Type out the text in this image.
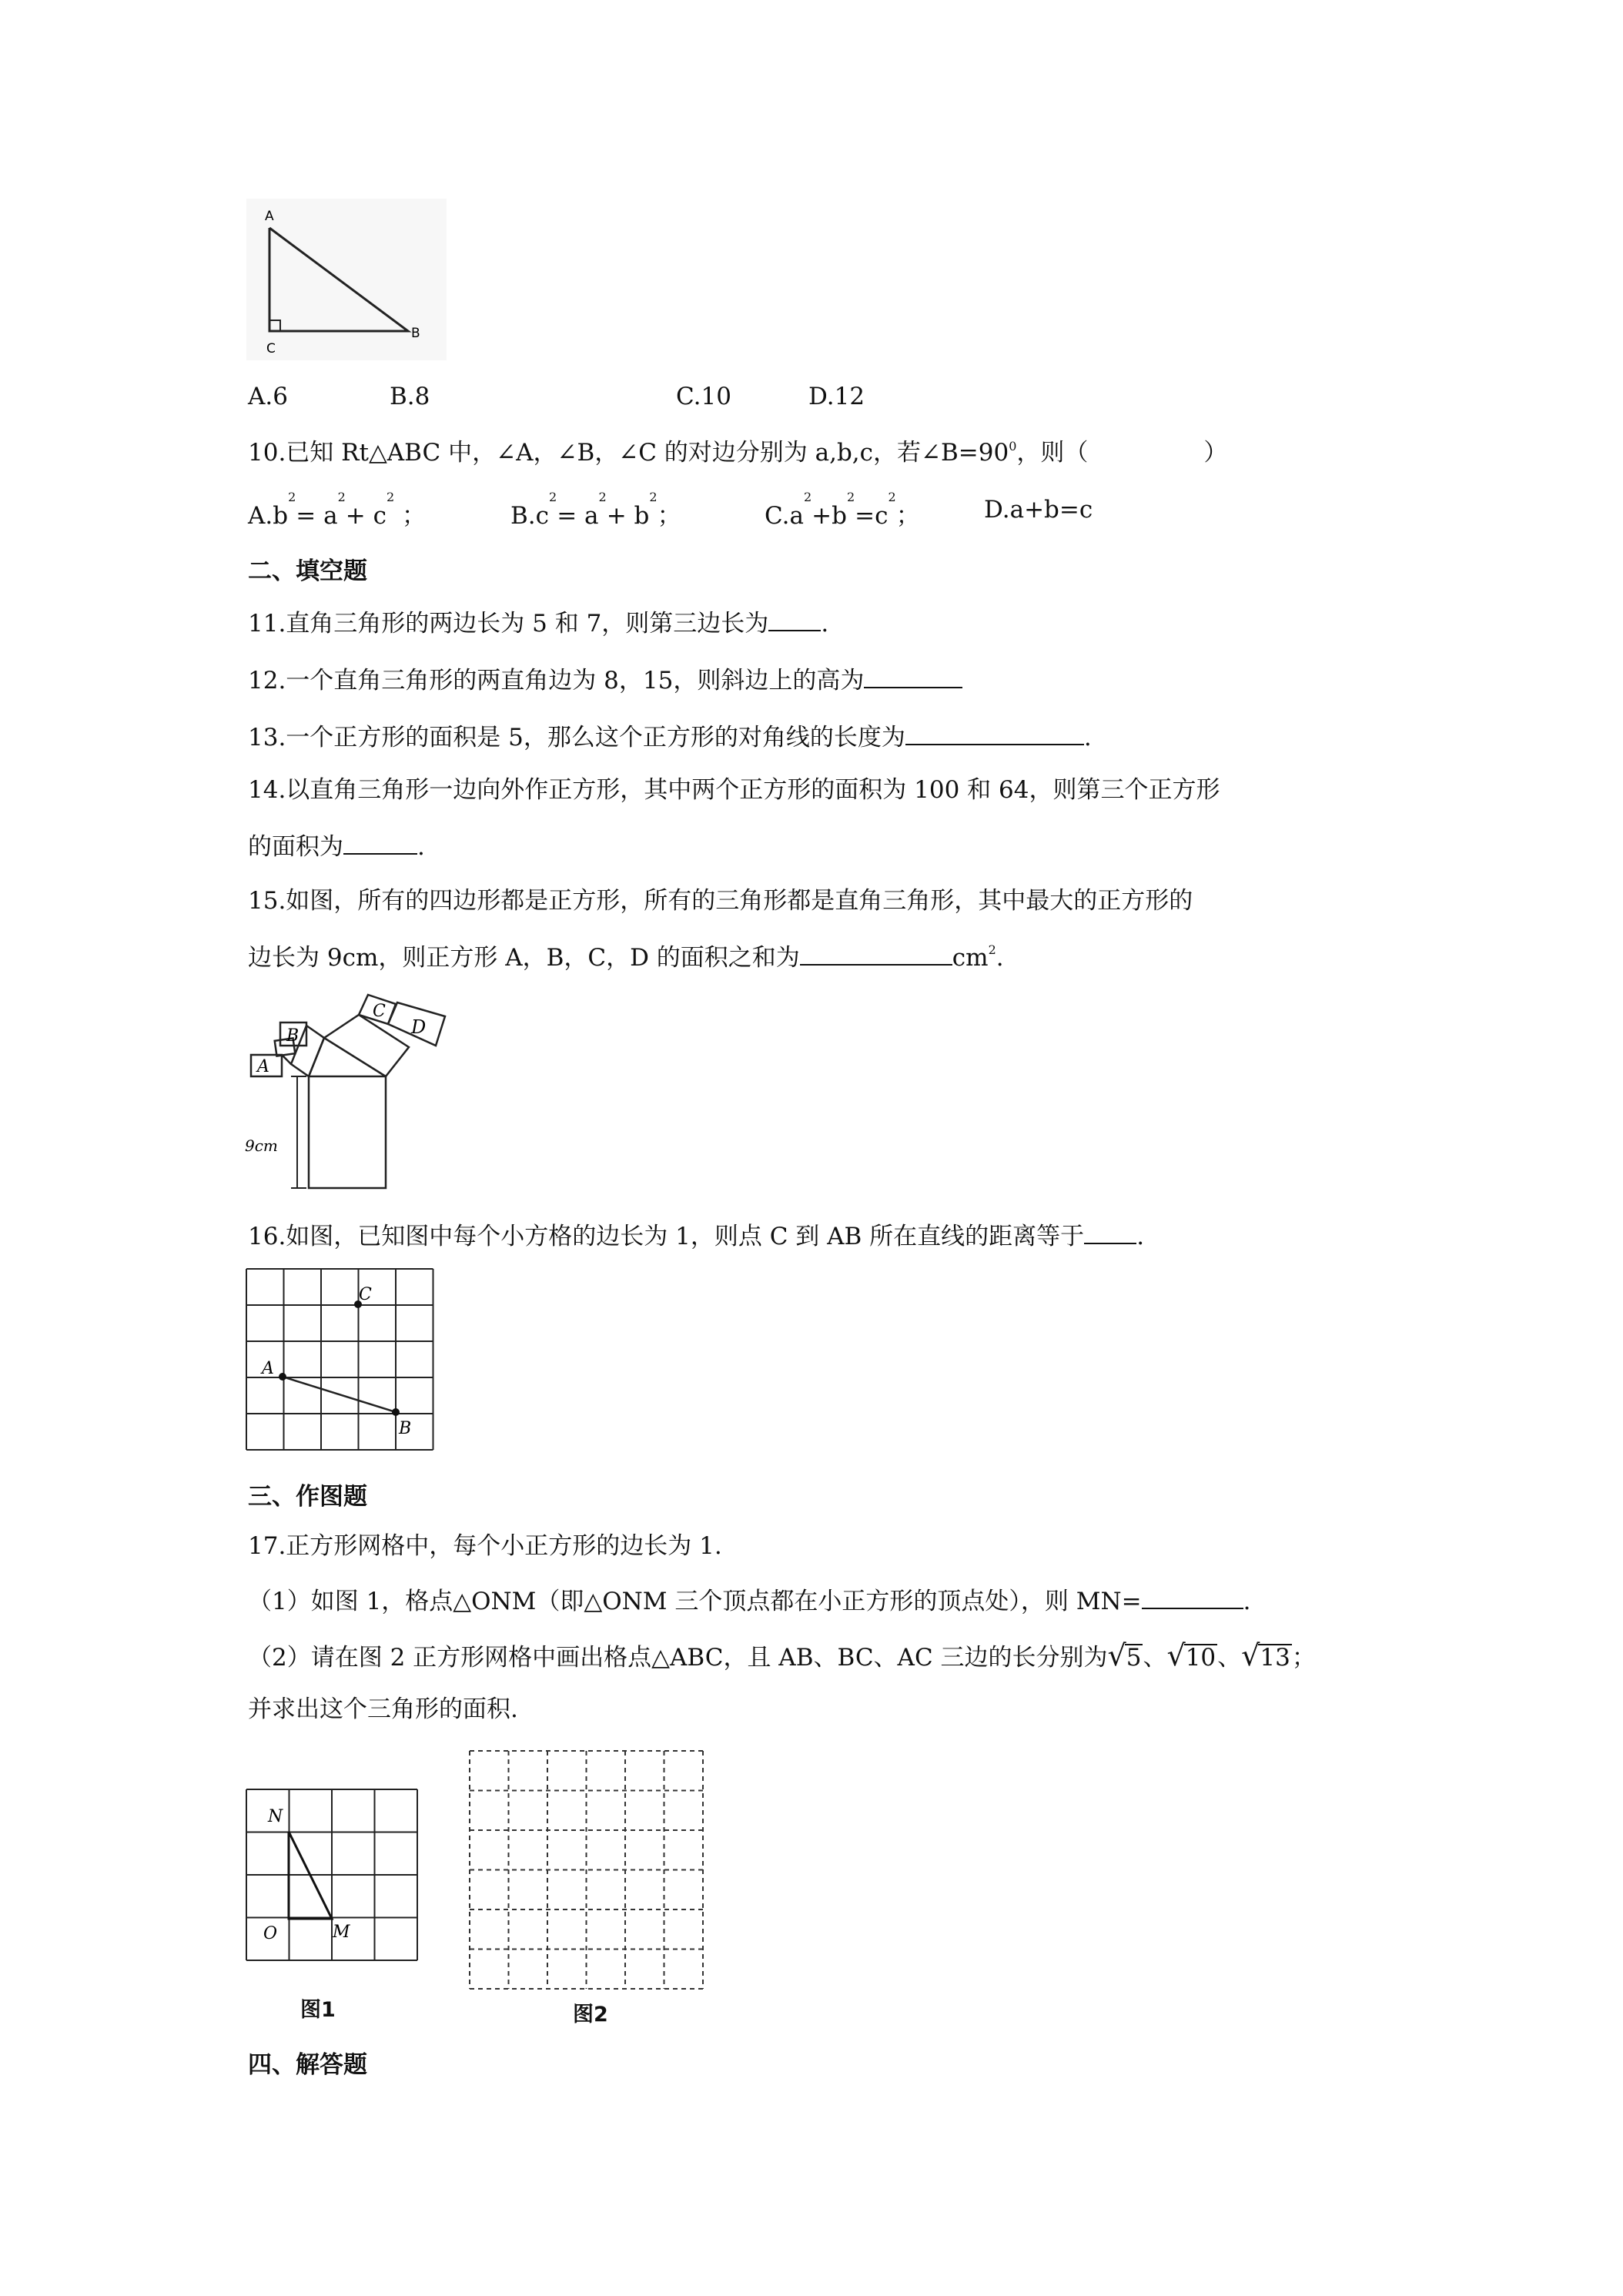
A
B
C
A.6	B.8	C.10	D.12
10.已知 Rt△ABC 中，∠A，∠B，∠C 的对边分别为 a,b,c，若$\angle B=90^0$，则（	）
$A.b^2= a^2+ c^2$ ；	$B.c^2= a^2+ b^2$；	$C.a^2+b^2=c^2$；	D.a+b=c
二、填空题
11.直角三角形的两边长为 5 和 7，则第三边长为 .
12.一个直角三角形的两直角边为 8，15，则斜边上的高为
13.一个正方形的面积是 5，那么这个正方形的对角线的长度为	.
14.以直角三角形一边向外作正方形，其中两个正方形的面积为 100 和 64，则第三个正方形
的面积为	.
15.如图，所有的四边形都是正方形，所有的三角形都是直角三角形，其中最大的正方形的
边长为 9cm，则正方形 A，B，C，D 的面积之和为	$cm^2$.
A
B
C
D
9cm
16.如图，已知图中每个小方格的边长为 1，则点 C 到 AB 所在直线的距离等于 .
A
B
C
三、作图题
17.正方形网格中，每个小正方形的边长为 1.
（1）如图 1，格点△ONM（即△ONM 三个顶点都在小正方形的顶点处），则 MN=	.
（2）请在图 2 正方形网格中画出格点△ABC，且 AB、BC、AC 三边的长分别为√5、√10、√13；
并求出这个三角形的面积.
N
O	M
图1	图2
四、解答题
